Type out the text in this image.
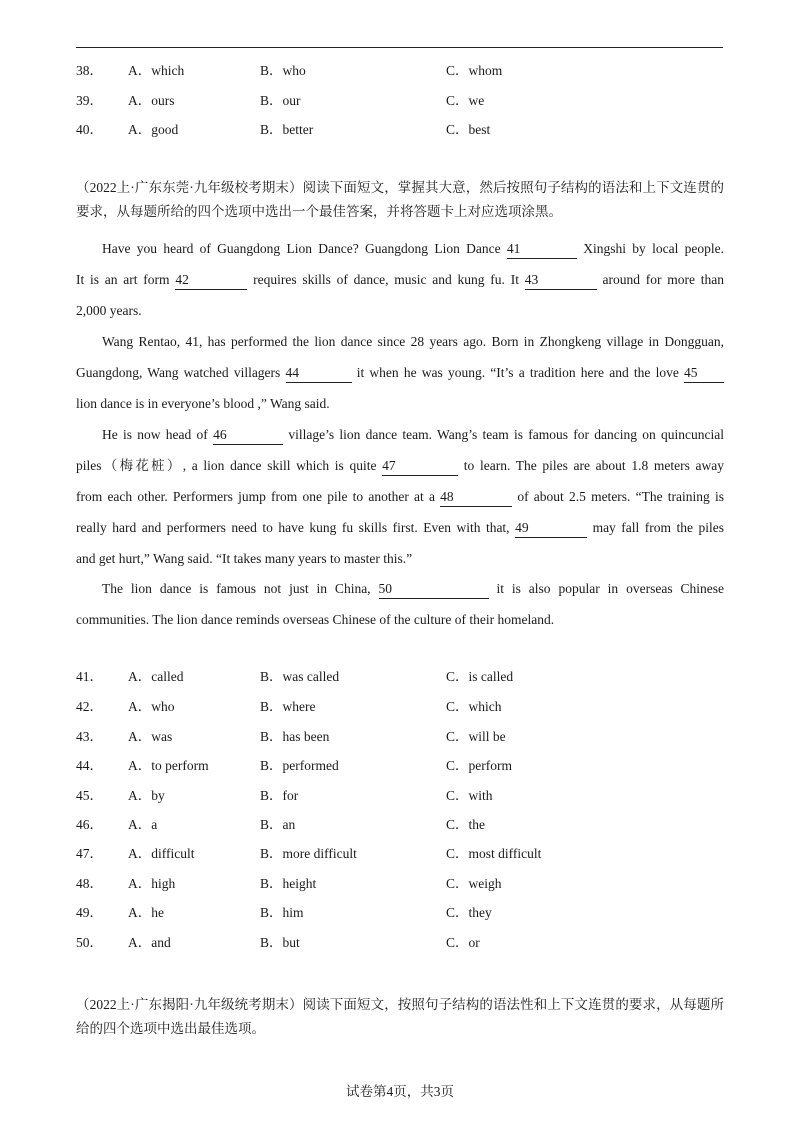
38． A．which	B．who	C．whom
39． A．ours	B．our	C．we
40． A．good	B．better	C．best
（2022上·广东东莞·九年级校考期末）阅读下面短文，掌握其大意，然后按照句子结构的语法和上下文连贯的要求，从每题所给的四个选项中选出一个最佳答案，并将答题卡上对应选项涂黑。
Have you heard of Guangdong Lion Dance? Guangdong Lion Dance 41	Xingshi by local people.
It is an art form 42	requires skills of dance, music and kung fu. It 43	around for more than
2,000 years.
Wang Rentao, 41, has performed the lion dance since 28 years ago. Born in Zhongkeng village in Dongguan,
Guangdong, Wang watched villagers 44	it when he was young. “It’s a tradition here and the love 45
lion dance is in everyone’s blood ,” Wang said.
He is now head of 46	village’s lion dance team. Wang’s team is famous for dancing on quincuncial
piles（梅花桩）, a lion dance skill which is quite 47	to learn. The piles are about 1.8 meters away
from each other. Performers jump from one pile to another at a 48	of about 2.5 meters. “The training is
really hard and performers need to have kung fu skills first. Even with that, 49	may fall from the piles
and get hurt,” Wang said. “It takes many years to master this.”
The lion dance is famous not just in China, 50	it is also popular in overseas Chinese
communities. The lion dance reminds overseas Chinese of the culture of their homeland.
41． A．called	B．was called	C．is called
42． A．who	B．where	C．which
43． A．was	B．has been	C．will be
44． A．to perform	B．performed	C．perform
45． A．by	B．for	C．with
46． A．a	B．an	C．the
47． A．difficult	B．more difficult	C．most difficult
48． A．high	B．height	C．weigh
49． A．he	B．him	C．they
50． A．and	B．but	C．or
（2022上·广东揭阳·九年级统考期末）阅读下面短文，按照句子结构的语法性和上下文连贯的要求，从每题所给的四个选项中选出最佳选项。
试卷第4页，共3页
